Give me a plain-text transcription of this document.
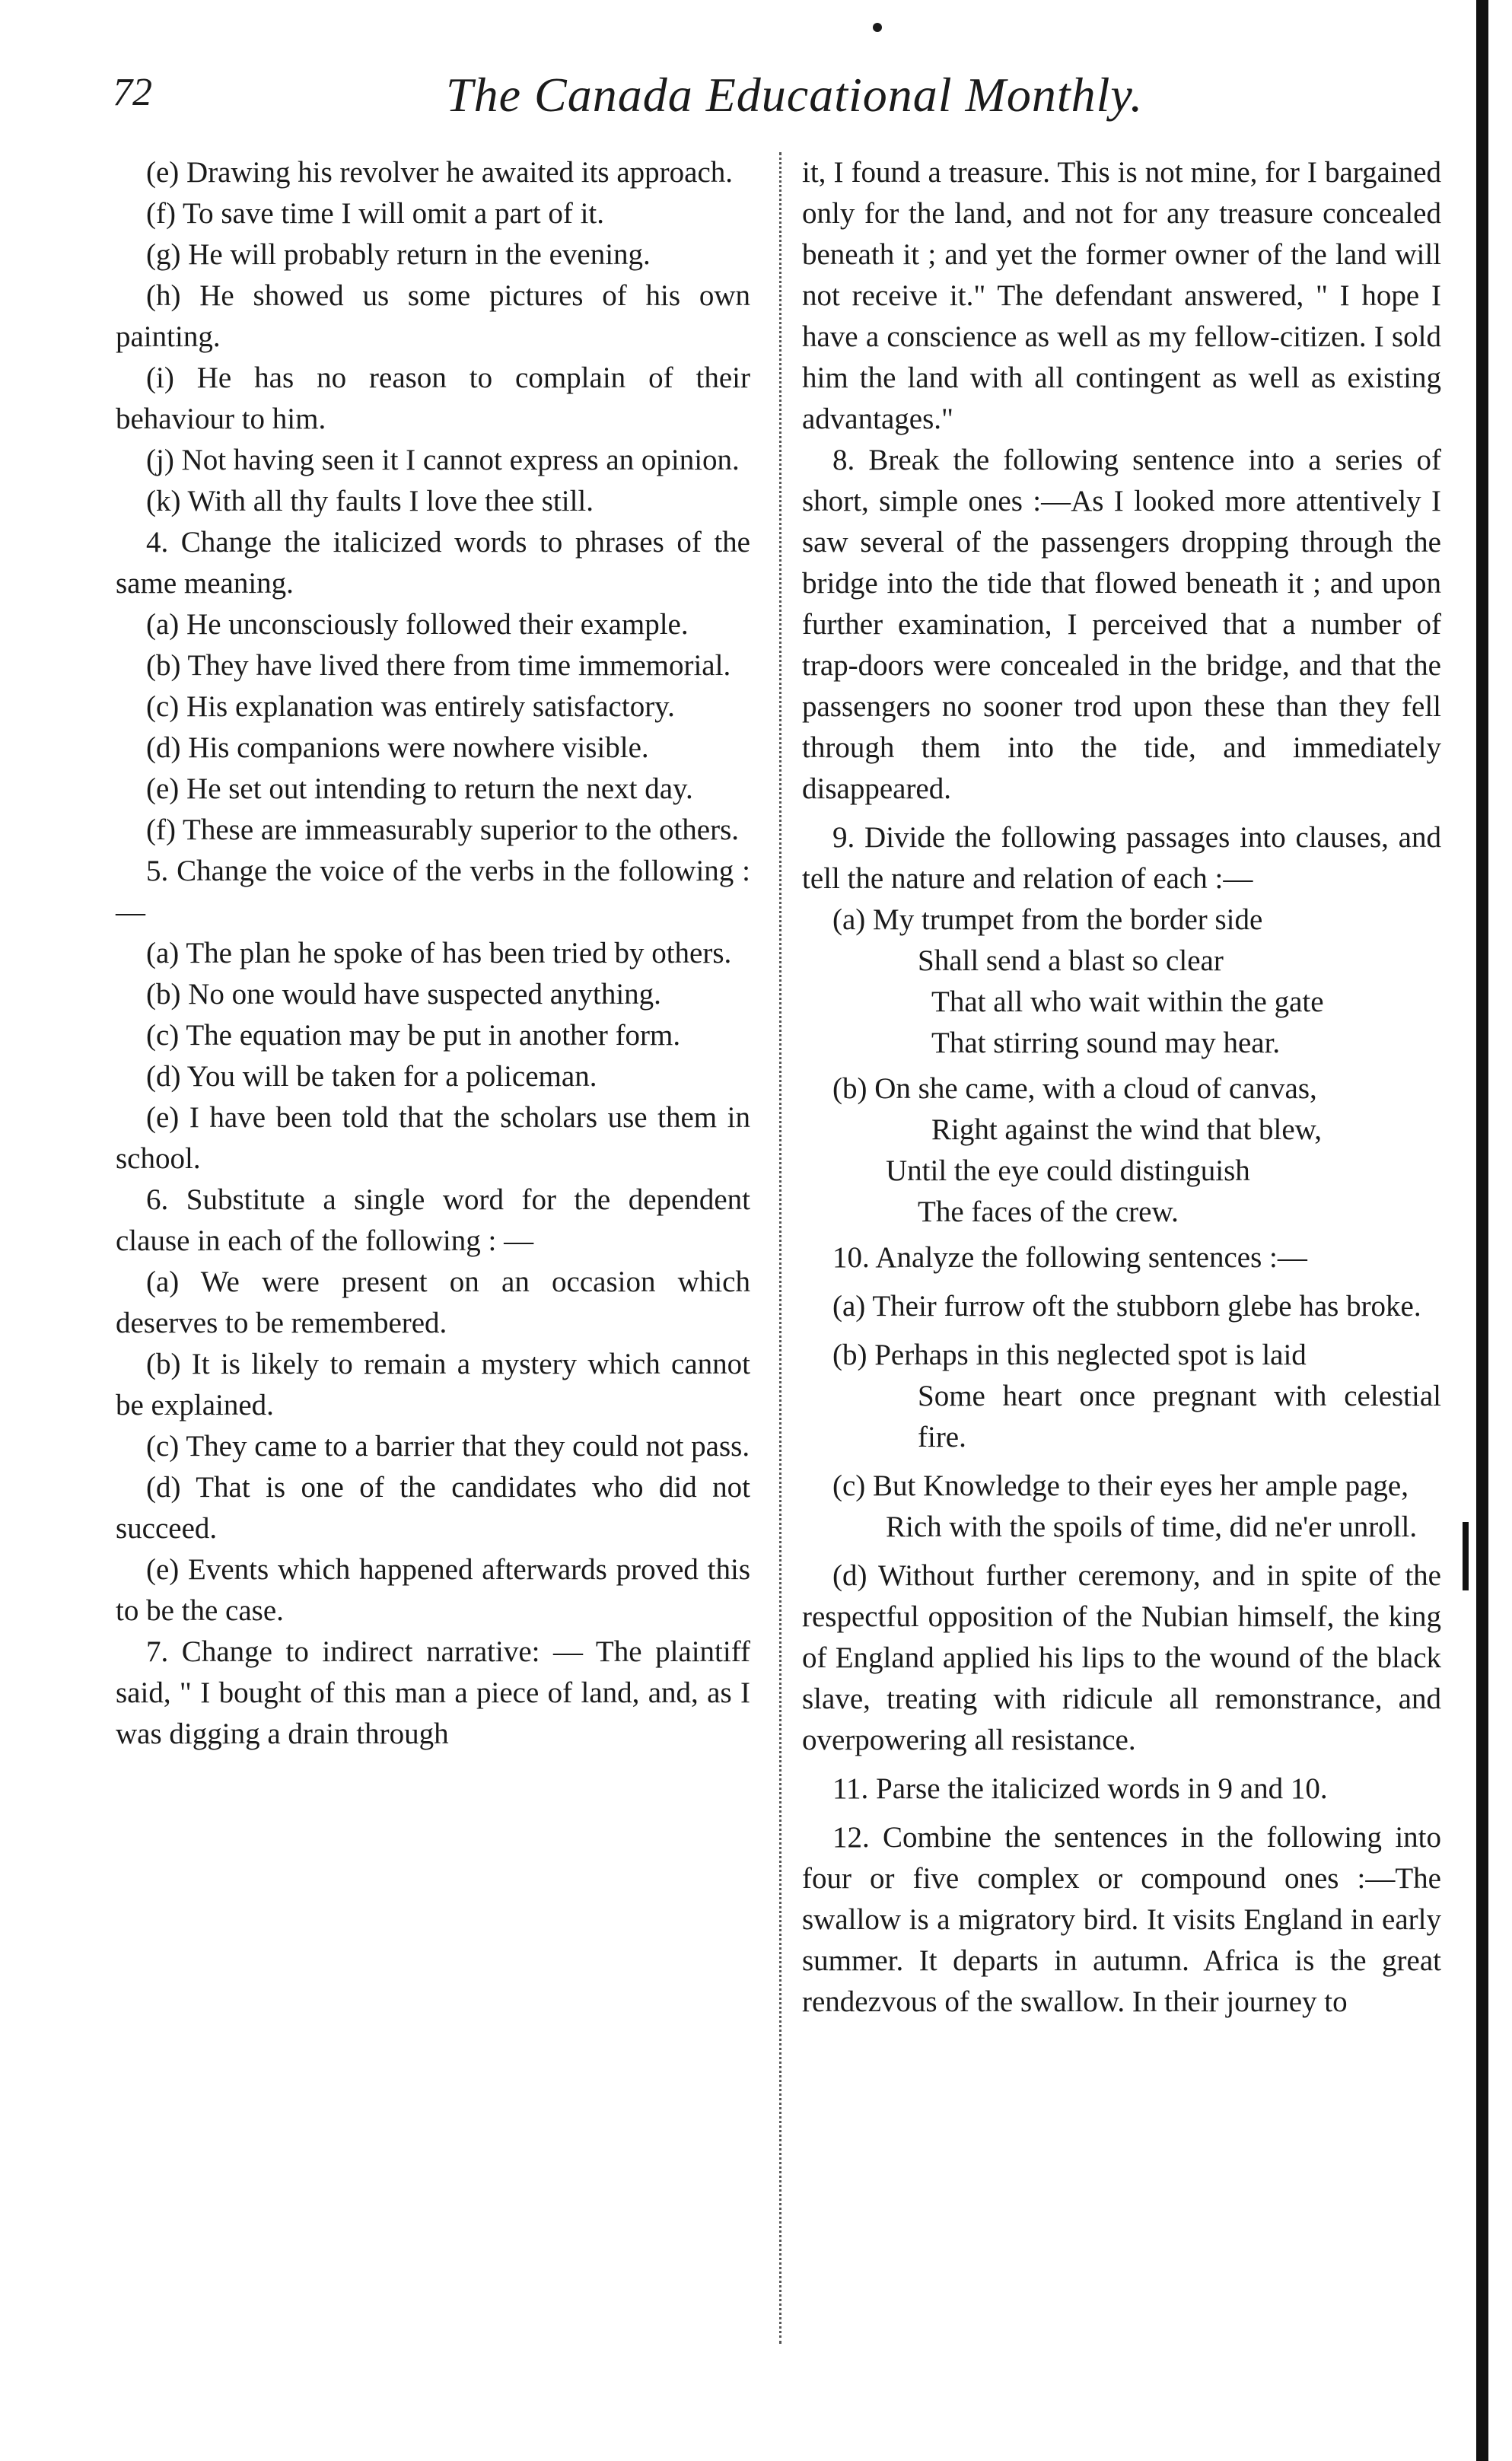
72	The Canada Educational Monthly.

(e) Drawing his revolver he awaited its approach.

(f) To save time I will omit a part of it.

(g) He will probably return in the evening.

(h) He showed us some pictures of his own painting.

(i) He has no reason to complain of their behaviour to him.

(j) Not having seen it I cannot express an opinion.

(k) With all thy faults I love thee still.

4. Change the italicized words to phrases of the same meaning.

(a) He unconsciously followed their example.

(b) They have lived there from time immemorial.

(c) His explanation was entirely satisfactory.

(d) His companions were nowhere visible.

(e) He set out intending to return the next day.

(f) These are immeasurably superior to the others.

5. Change the voice of the verbs in the following :—

(a) The plan he spoke of has been tried by others.

(b) No one would have suspected anything.

(c) The equation may be put in another form.

(d) You will be taken for a policeman.

(e) I have been told that the scholars use them in school.

6. Substitute a single word for the dependent clause in each of the following : —

(a) We were present on an occasion which deserves to be remembered.

(b) It is likely to remain a mystery which cannot be explained.

(c) They came to a barrier that they could not pass.

(d) That is one of the candidates who did not succeed.

(e) Events which happened afterwards proved this to be the case.

7. Change to indirect narrative: — The plaintiff said, " I bought of this man a piece of land, and, as I was digging a drain through

it, I found a treasure. This is not mine, for I bargained only for the land, and not for any treasure concealed beneath it ; and yet the former owner of the land will not receive it." The defendant answered, " I hope I have a conscience as well as my fellow-citizen. I sold him the land with all contingent as well as existing advantages."

8. Break the following sentence into a series of short, simple ones :—As I looked more attentively I saw several of the passengers dropping through the bridge into the tide that flowed beneath it ; and upon further examination, I perceived that a number of trap-doors were concealed in the bridge, and that the passengers no sooner trod upon these than they fell through them into the tide, and immediately disappeared.

9. Divide the following passages into clauses, and tell the nature and relation of each :—

(a) My trumpet from the border side
Shall send a blast so clear
That all who wait within the gate
That stirring sound may hear.
(b) On she came, with a cloud of canvas,
Right against the wind that blew,
Until the eye could distinguish
The faces of the crew.

10. Analyze the following sentences :—

(a) Their furrow oft the stubborn glebe has broke.

(b) Perhaps in this neglected spot is laid

Some heart once pregnant with celestial fire.

(c) But Knowledge to their eyes her ample page,

Rich with the spoils of time, did ne'er unroll.

(d) Without further ceremony, and in spite of the respectful opposition of the Nubian himself, the king of England applied his lips to the wound of the black slave, treating with ridicule all remonstrance, and overpowering all resistance.

11. Parse the italicized words in 9 and 10.

12. Combine the sentences in the following into four or five complex or compound ones :—The swallow is a migratory bird. It visits England in early summer. It departs in autumn. Africa is the great rendezvous of the swallow. In their journey to
